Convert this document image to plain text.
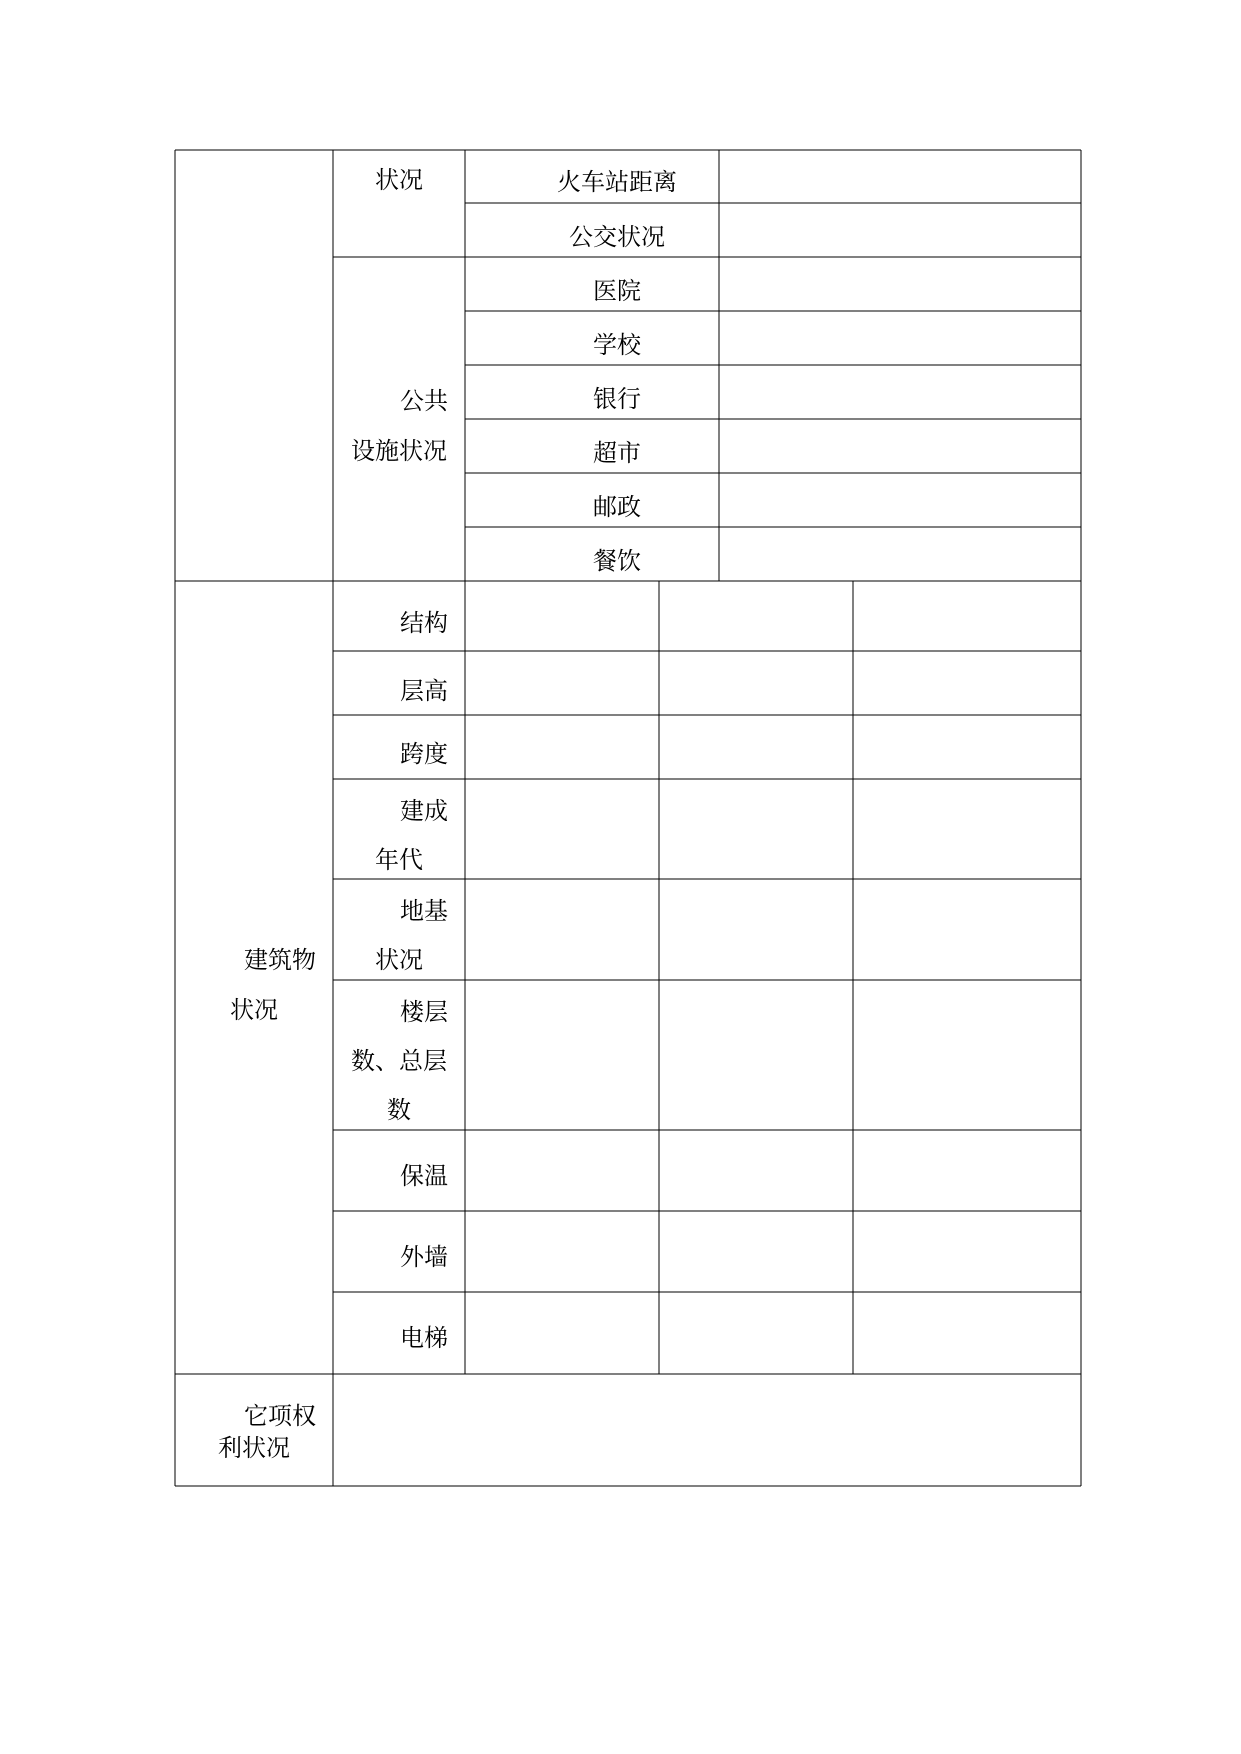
状况	火车站距离
公交状况
公共
设施状况
医院
学校
银行
超市
邮政
餐饮
建筑物
状况
结构
层高
跨度
建成
年代
地基
状况
楼层
数、总层
数
保温
外墙
电梯
它项权
利状况
